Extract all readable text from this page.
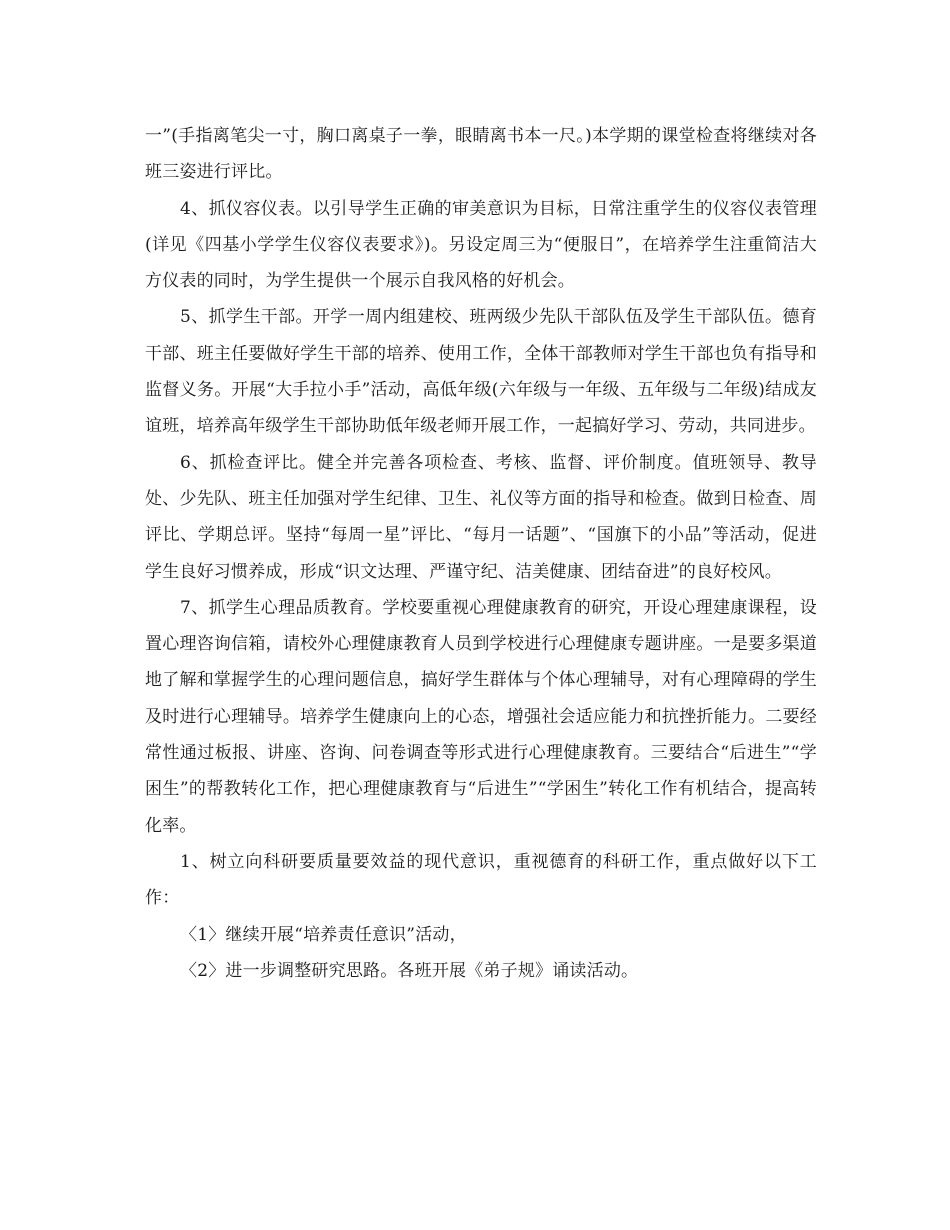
一”(手指离笔尖一寸，胸口离桌子一拳，眼睛离书本一尺。)本学期的课堂检查将继续对各班三姿进行评比。

4、抓仪容仪表。以引导学生正确的审美意识为目标，日常注重学生的仪容仪表管理(详见《四基小学学生仪容仪表要求》)。另设定周三为“便服日”，在培养学生注重简洁大方仪表的同时，为学生提供一个展示自我风格的好机会。

5、抓学生干部。开学一周内组建校、班两级少先队干部队伍及学生干部队伍。德育干部、班主任要做好学生干部的培养、使用工作，全体干部教师对学生干部也负有指导和监督义务。开展“大手拉小手”活动，高低年级(六年级与一年级、五年级与二年级)结成友谊班，培养高年级学生干部协助低年级老师开展工作，一起搞好学习、劳动，共同进步。

6、抓检查评比。健全并完善各项检查、考核、监督、评价制度。值班领导、教导处、少先队、班主任加强对学生纪律、卫生、礼仪等方面的指导和检查。做到日检查、周评比、学期总评。坚持“每周一星”评比、“每月一话题”、“国旗下的小品”等活动，促进学生良好习惯养成，形成“识文达理、严谨守纪、洁美健康、团结奋进”的良好校风。

7、抓学生心理品质教育。学校要重视心理健康教育的研究，开设心理建康课程，设置心理咨询信箱，请校外心理健康教育人员到学校进行心理健康专题讲座。一是要多渠道地了解和掌握学生的心理问题信息，搞好学生群体与个体心理辅导，对有心理障碍的学生及时进行心理辅导。培养学生健康向上的心态，增强社会适应能力和抗挫折能力。二要经常性通过板报、讲座、咨询、问卷调查等形式进行心理健康教育。三要结合“后进生”“学困生”的帮教转化工作，把心理健康教育与“后进生”“学困生”转化工作有机结合，提高转化率。

1、树立向科研要质量要效益的现代意识，重视德育的科研工作，重点做好以下工作：

〈1〉继续开展“培养责任意识”活动，

〈2〉进一步调整研究思路。各班开展《弟子规》诵读活动。
